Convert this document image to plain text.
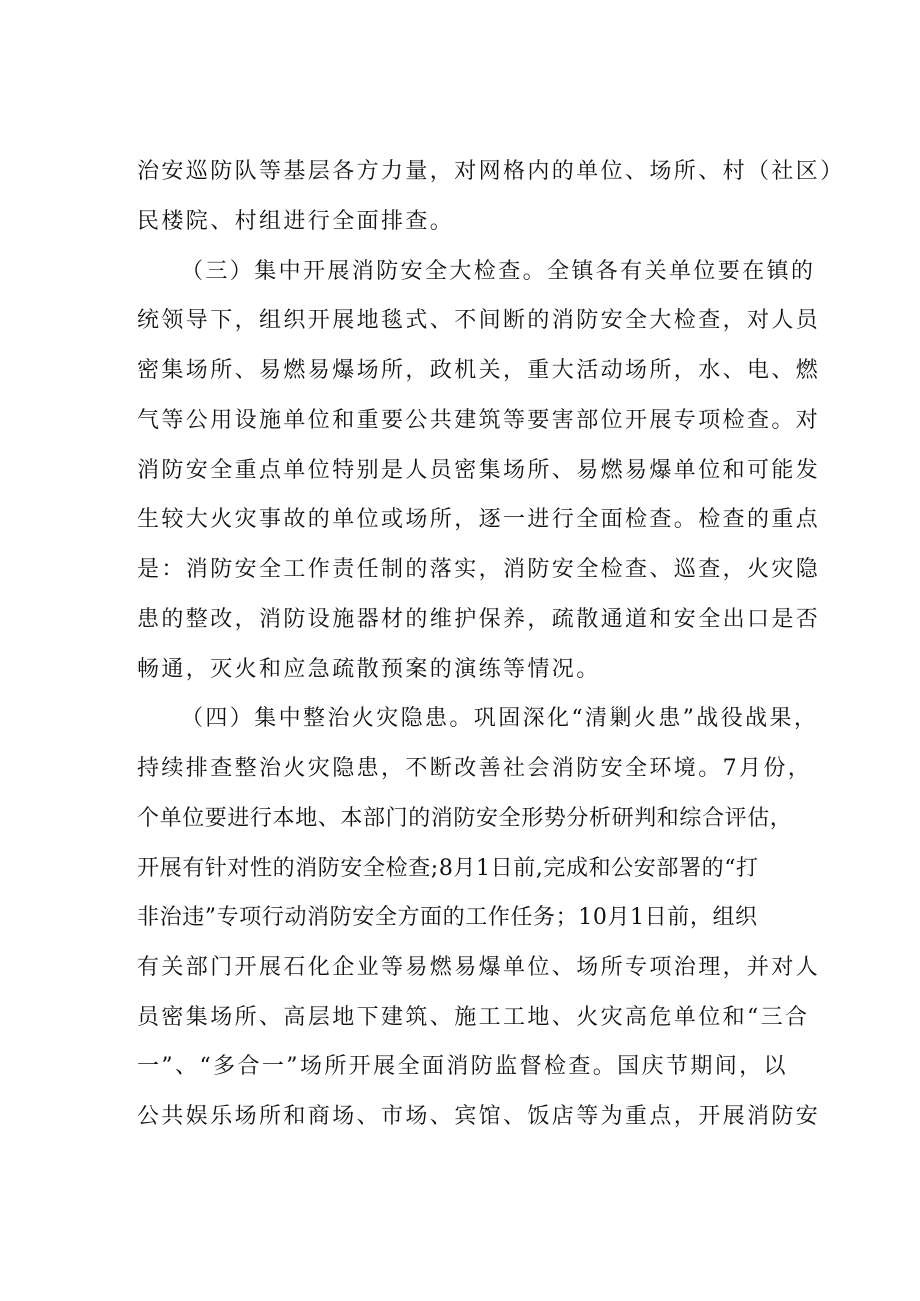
治安巡防队等基层各方力量，对网格内的单位、场所、村（社区）

民楼院、村组进行全面排查。

（三）集中开展消防安全大检查。全镇各有关单位要在镇的

统领导下，组织开展地毯式、不间断的消防安全大检查，对人员

密集场所、易燃易爆场所，政机关，重大活动场所，水、电、燃

气等公用设施单位和重要公共建筑等要害部位开展专项检查。对

消防安全重点单位特别是人员密集场所、易燃易爆单位和可能发

生较大火灾事故的单位或场所，逐一进行全面检查。检查的重点

是：消防安全工作责任制的落实，消防安全检查、巡查，火灾隐

患的整改，消防设施器材的维护保养，疏散通道和安全出口是否

畅通，灭火和应急疏散预案的演练等情况。

（四）集中整治火灾隐患。巩固深化“清剿火患”战役战果，

持续排查整治火灾隐患，不断改善社会消防安全环境。7月份，

个单位要进行本地、本部门的消防安全形势分析研判和综合评估，

开展有针对性的消防安全检查;8月1日前,完成和公安部署的“打

非治违”专项行动消防安全方面的工作任务；10月1日前，组织

有关部门开展石化企业等易燃易爆单位、场所专项治理，并对人

员密集场所、高层地下建筑、施工工地、火灾高危单位和“三合

一”、“多合一”场所开展全面消防监督检查。国庆节期间，以

公共娱乐场所和商场、市场、宾馆、饭店等为重点，开展消防安
